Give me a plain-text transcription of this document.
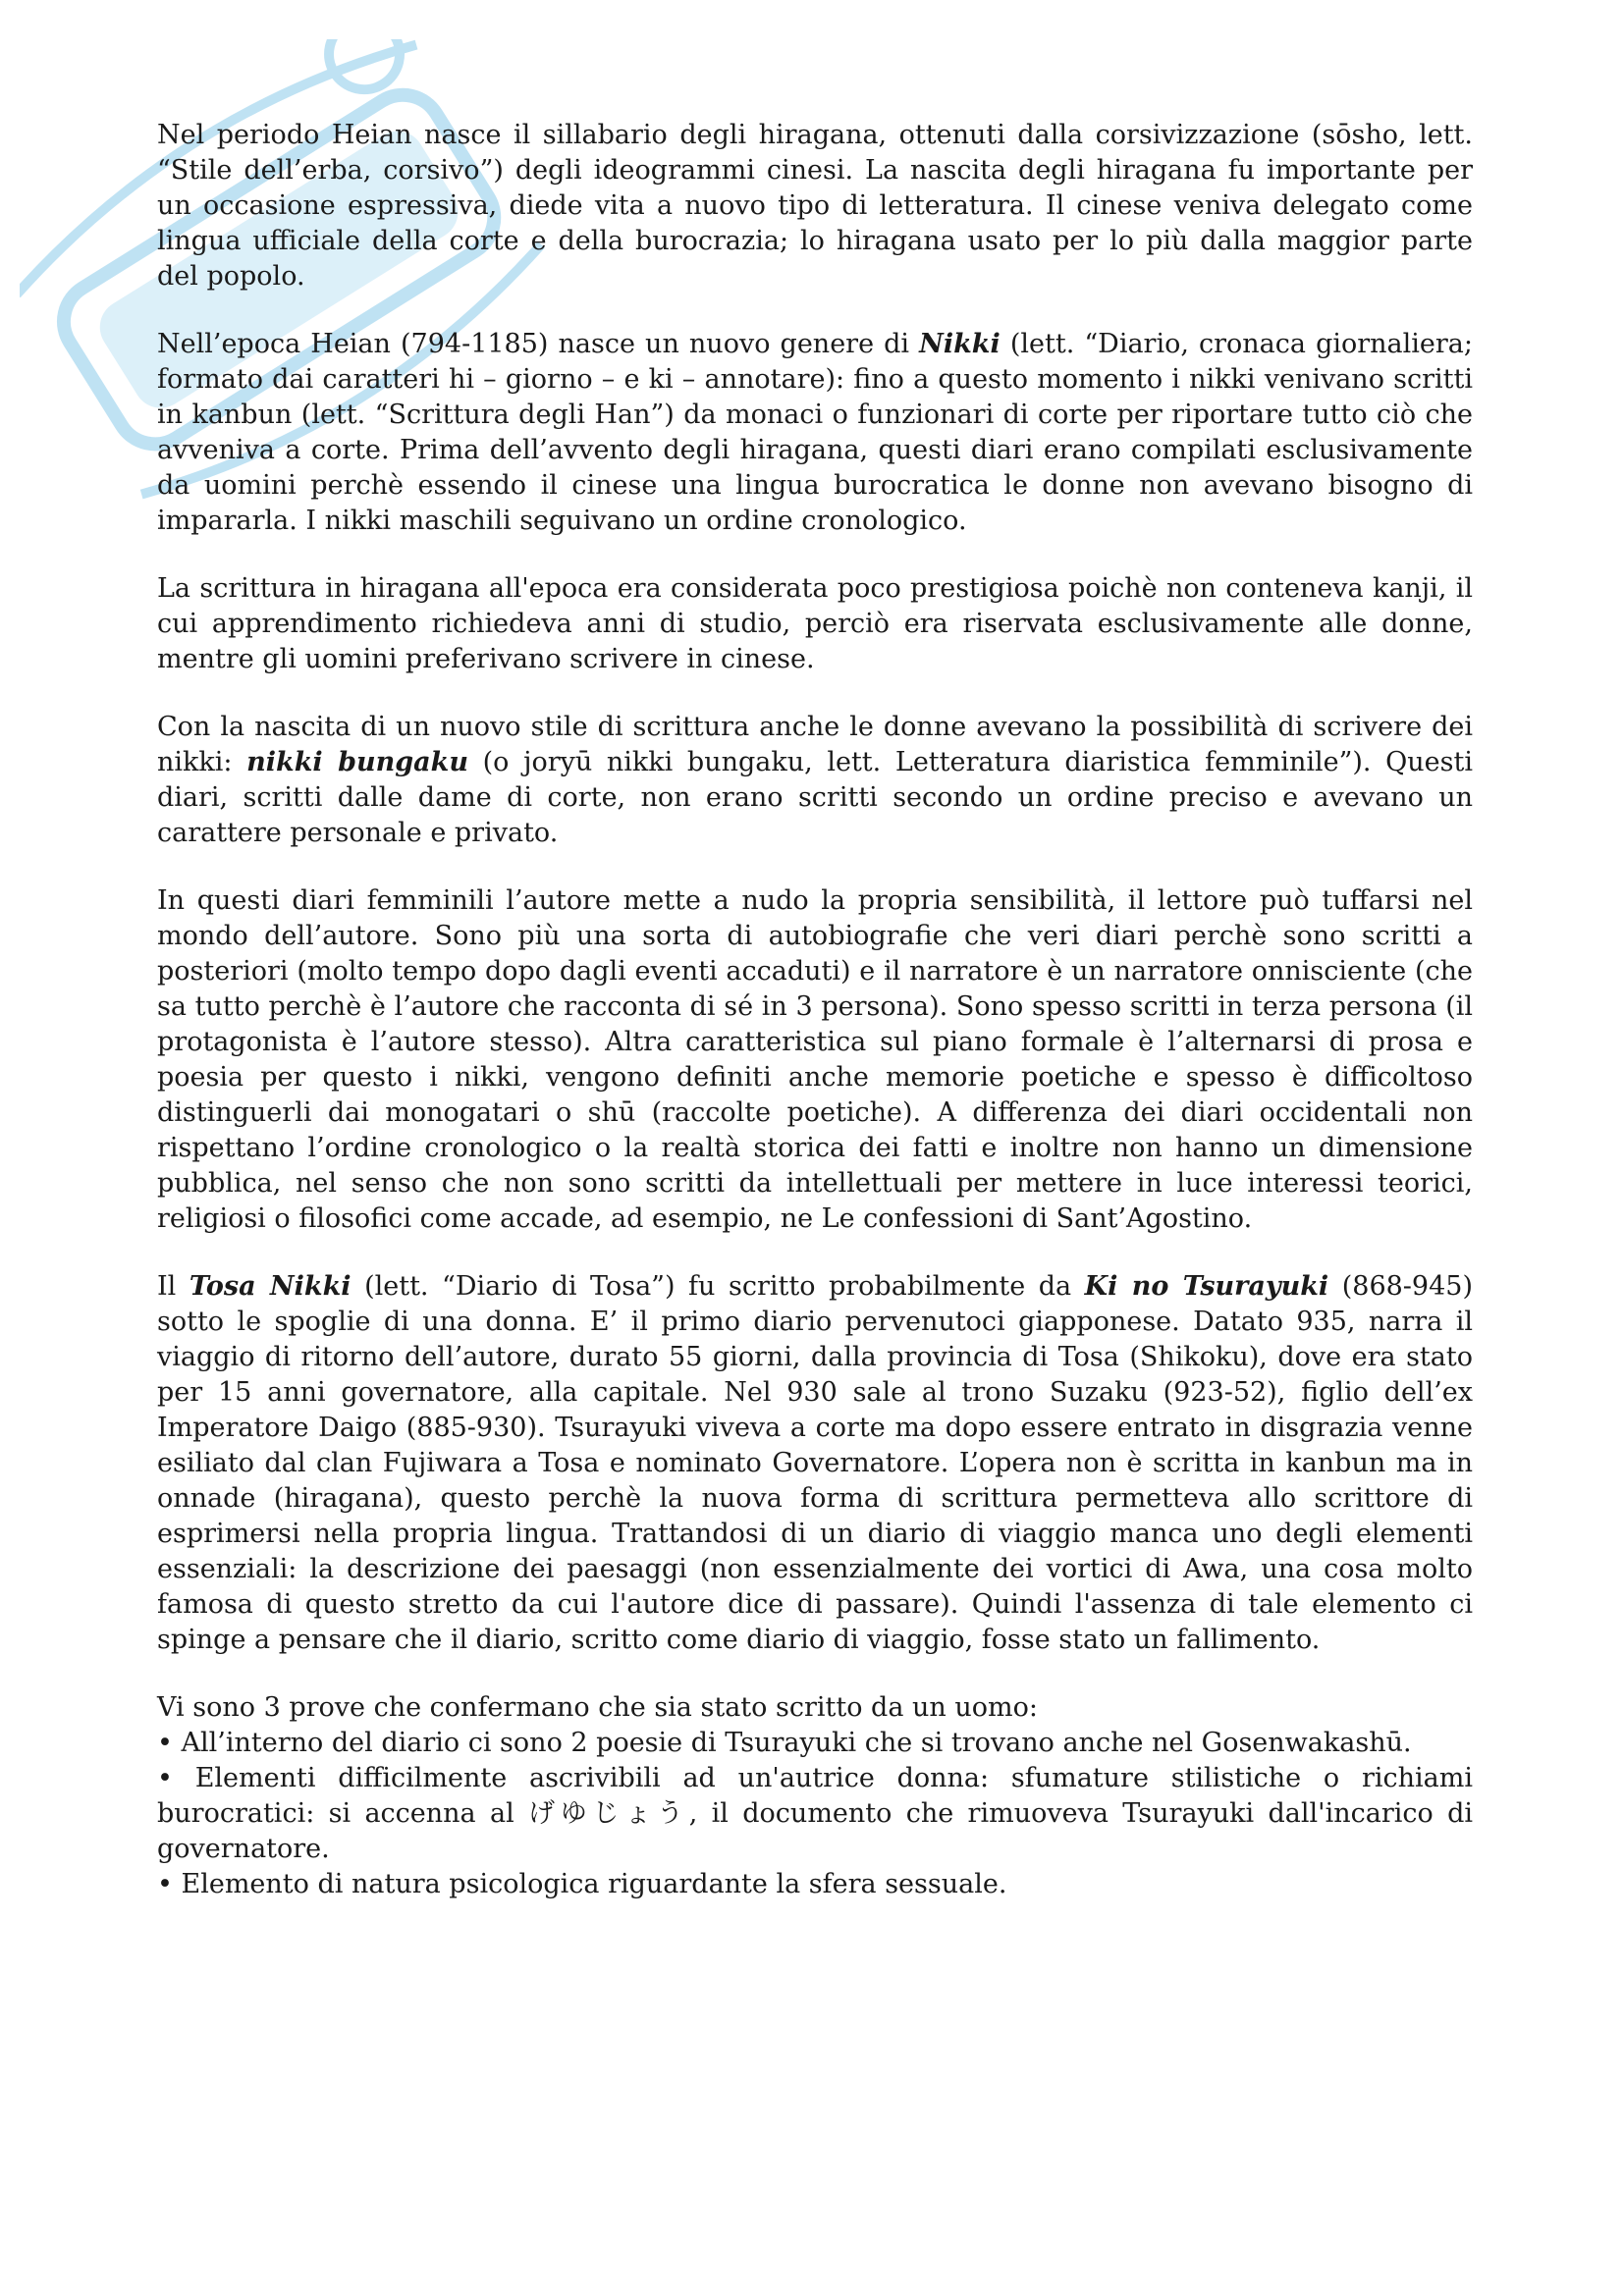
Nel periodo Heian nasce il sillabario degli hiragana, ottenuti dalla corsivizzazione (sōsho, lett. “Stile dell’erba, corsivo”) degli ideogrammi cinesi. La nascita degli hiragana fu importante per un occasione espressiva, diede vita a nuovo tipo di letteratura. Il cinese veniva delegato come lingua ufficiale della corte e della burocrazia; lo hiragana usato per lo più dalla maggior parte del popolo.

Nell’epoca Heian (794-1185) nasce un nuovo genere di Nikki (lett. “Diario, cronaca giornaliera; formato dai caratteri hi – giorno – e ki – annotare): fino a questo momento i nikki venivano scritti in kanbun (lett. “Scrittura degli Han”) da monaci o funzionari di corte per riportare tutto ciò che avveniva a corte. Prima dell’avvento degli hiragana, questi diari erano compilati esclusivamente da uomini perchè essendo il cinese una lingua burocratica le donne non avevano bisogno di impararla. I nikki maschili seguivano un ordine cronologico.

La scrittura in hiragana all'epoca era considerata poco prestigiosa poichè non conteneva kanji, il cui apprendimento richiedeva anni di studio, perciò era riservata esclusivamente alle donne, mentre gli uomini preferivano scrivere in cinese.

Con la nascita di un nuovo stile di scrittura anche le donne avevano la possibilità di scrivere dei nikki: nikki bungaku (o joryū nikki bungaku, lett. Letteratura diaristica femminile”). Questi diari, scritti dalle dame di corte, non erano scritti secondo un ordine preciso e avevano un carattere personale e privato.

In questi diari femminili l’autore mette a nudo la propria sensibilità, il lettore può tuffarsi nel mondo dell’autore. Sono più una sorta di autobiografie che veri diari perchè sono scritti a posteriori (molto tempo dopo dagli eventi accaduti) e il narratore è un narratore onnisciente (che sa tutto perchè è l’autore che racconta di sé in 3 persona). Sono spesso scritti in terza persona (il protagonista è l’autore stesso). Altra caratteristica sul piano formale è l’alternarsi di prosa e poesia per questo i nikki, vengono definiti anche memorie poetiche e spesso è difficoltoso distinguerli dai monogatari o shū (raccolte poetiche). A differenza dei diari occidentali non rispettano l’ordine cronologico o la realtà storica dei fatti e inoltre non hanno un dimensione pubblica, nel senso che non sono scritti da intellettuali per mettere in luce interessi teorici, religiosi o filosofici come accade, ad esempio, ne Le confessioni di Sant’Agostino.

Il Tosa Nikki (lett. “Diario di Tosa”) fu scritto probabilmente da Ki no Tsurayuki (868-945) sotto le spoglie di una donna. E’ il primo diario pervenutoci giapponese. Datato 935, narra il viaggio di ritorno dell’autore, durato 55 giorni, dalla provincia di Tosa (Shikoku), dove era stato per 15 anni governatore, alla capitale. Nel 930 sale al trono Suzaku (923-52), figlio dell’ex Imperatore Daigo (885-930). Tsurayuki viveva a corte ma dopo essere entrato in disgrazia venne esiliato dal clan Fujiwara a Tosa e nominato Governatore. L’opera non è scritta in kanbun ma in onnade (hiragana), questo perchè la nuova forma di scrittura permetteva allo scrittore di esprimersi nella propria lingua. Trattandosi di un diario di viaggio manca uno degli elementi essenziali: la descrizione dei paesaggi (non essenzialmente dei vortici di Awa, una cosa molto famosa di questo stretto da cui l'autore dice di passare). Quindi l'assenza di tale elemento ci spinge a pensare che il diario, scritto come diario di viaggio, fosse stato un fallimento.

Vi sono 3 prove che confermano che sia stato scritto da un uomo:

• All’interno del diario ci sono 2 poesie di Tsurayuki che si trovano anche nel Gosenwakashū.
• Elementi difficilmente ascrivibili ad un'autrice donna: sfumature stilistiche o richiami burocratici: si accenna al げゆじょう, il documento che rimuoveva Tsurayuki dall'incarico di governatore.
• Elemento di natura psicologica riguardante la sfera sessuale.
